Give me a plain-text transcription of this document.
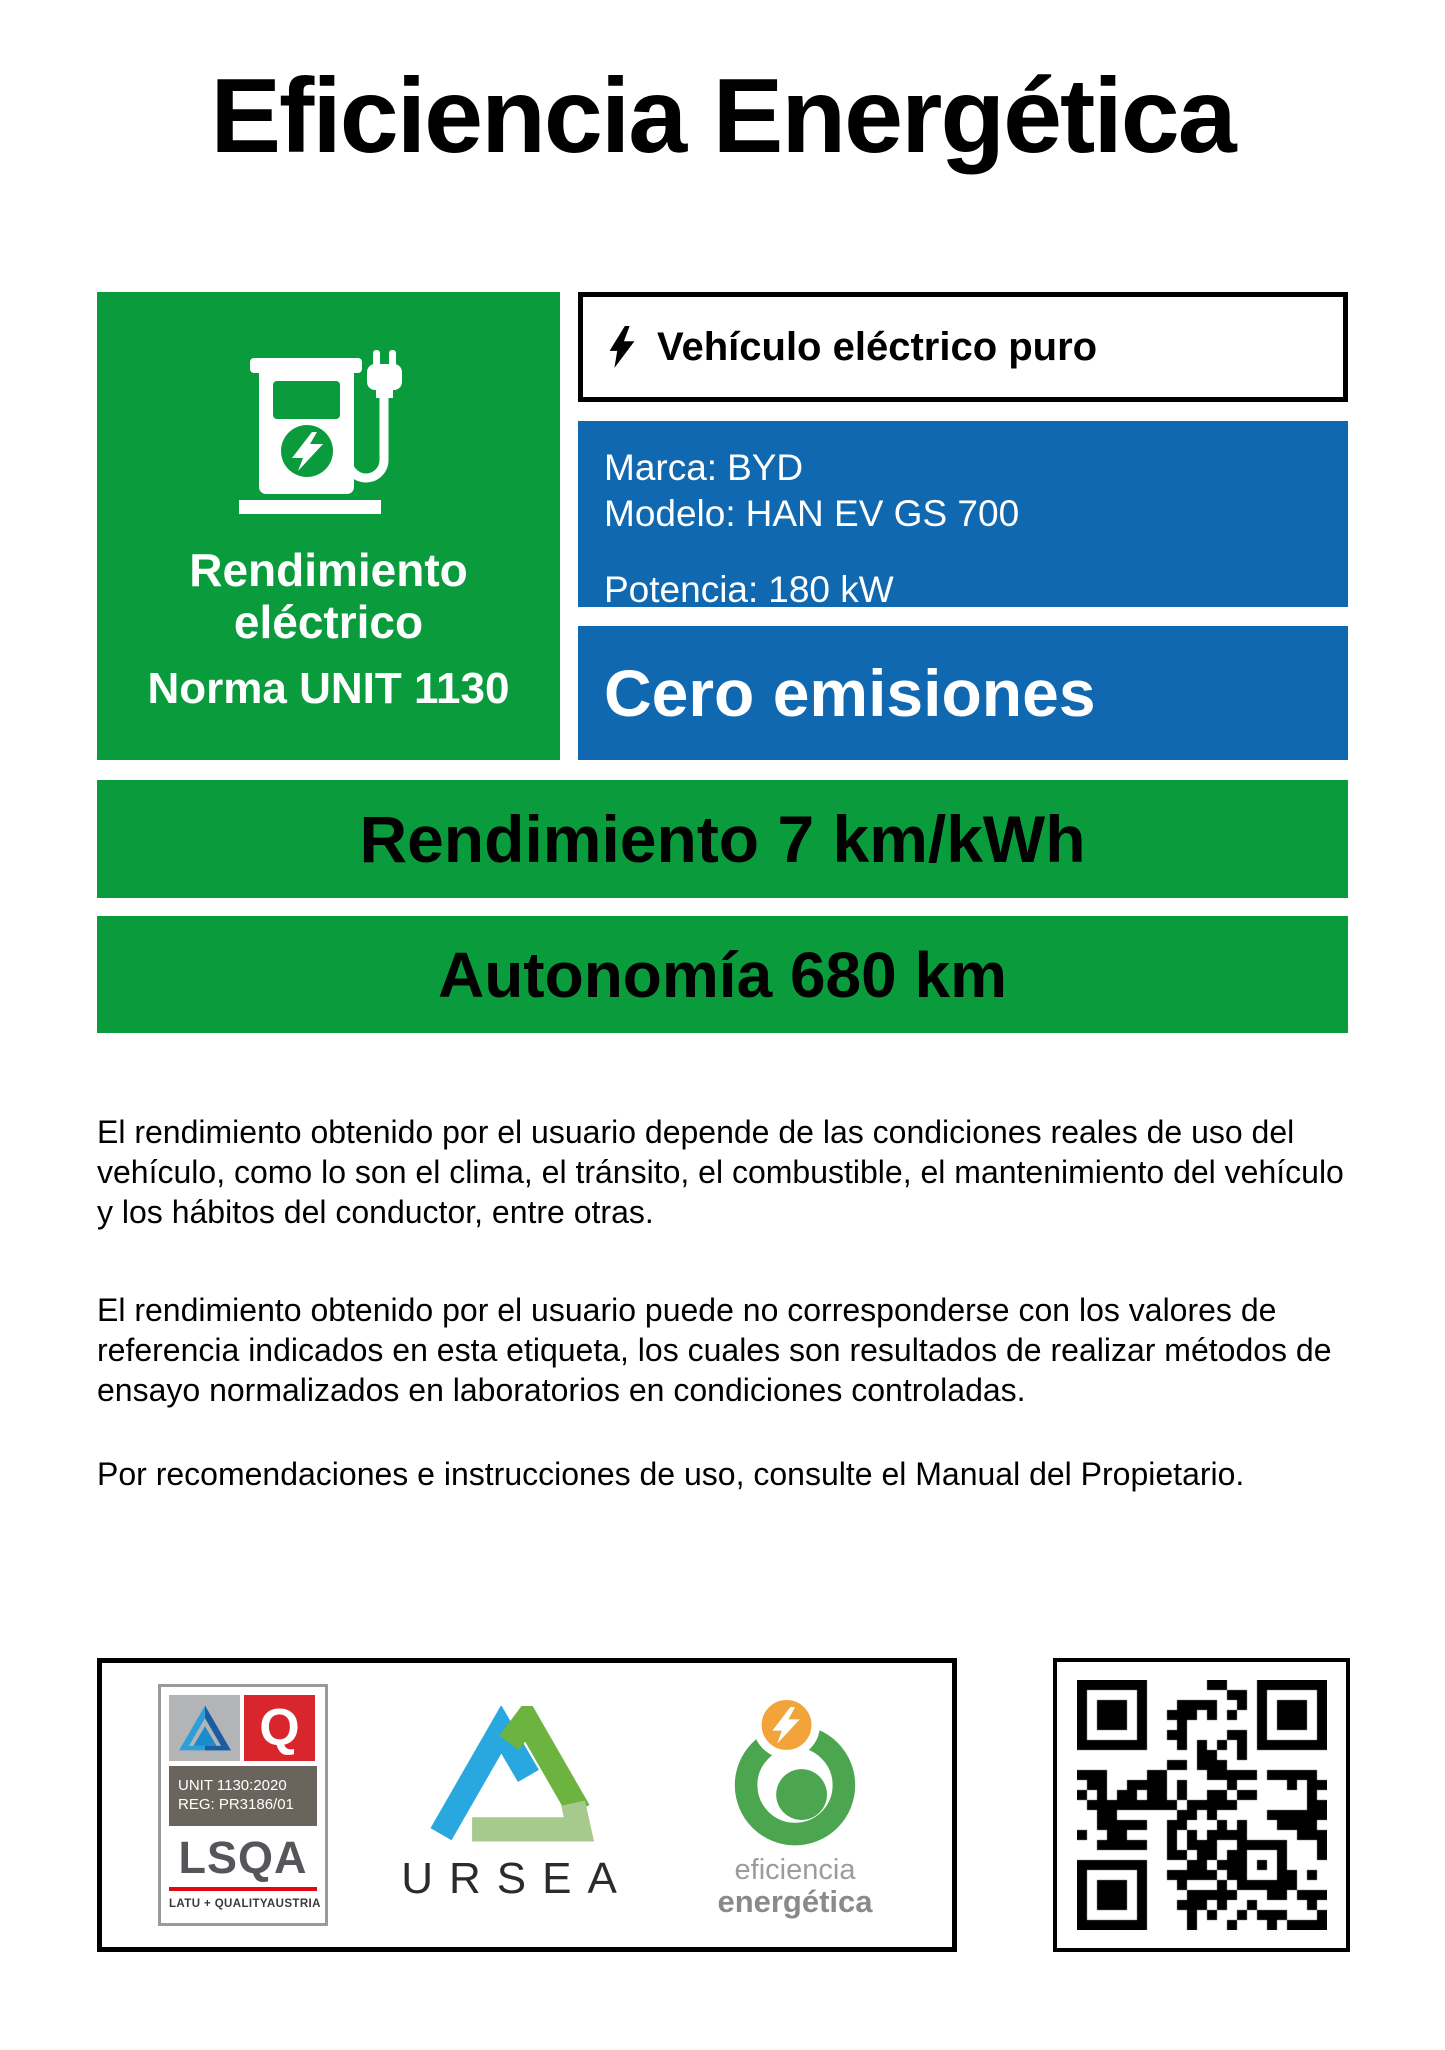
Eficiencia Energética
Rendimiento
eléctrico
Norma UNIT 1130
Vehículo eléctrico puro
Marca: BYD
Modelo: HAN EV GS 700
Potencia: 180 kW
Cero emisiones
Rendimiento 7 km/kWh
Autonomía 680 km

El rendimiento obtenido por el usuario depende de las condiciones reales de uso del vehículo, como lo son el clima, el tránsito, el combustible, el mantenimiento del vehículo y los hábitos del conductor, entre otras.

El rendimiento obtenido por el usuario puede no corresponderse con los valores de referencia indicados en esta etiqueta, los cuales son resultados de realizar métodos de ensayo normalizados en laboratorios en condiciones controladas.

Por recomendaciones e instrucciones de uso, consulte el Manual del Propietario.

Q
UNIT 1130:2020
REG: PR3186/01
LSQA
LATU + QUALITYAUSTRIA
URSEA	eficiencia
energética
